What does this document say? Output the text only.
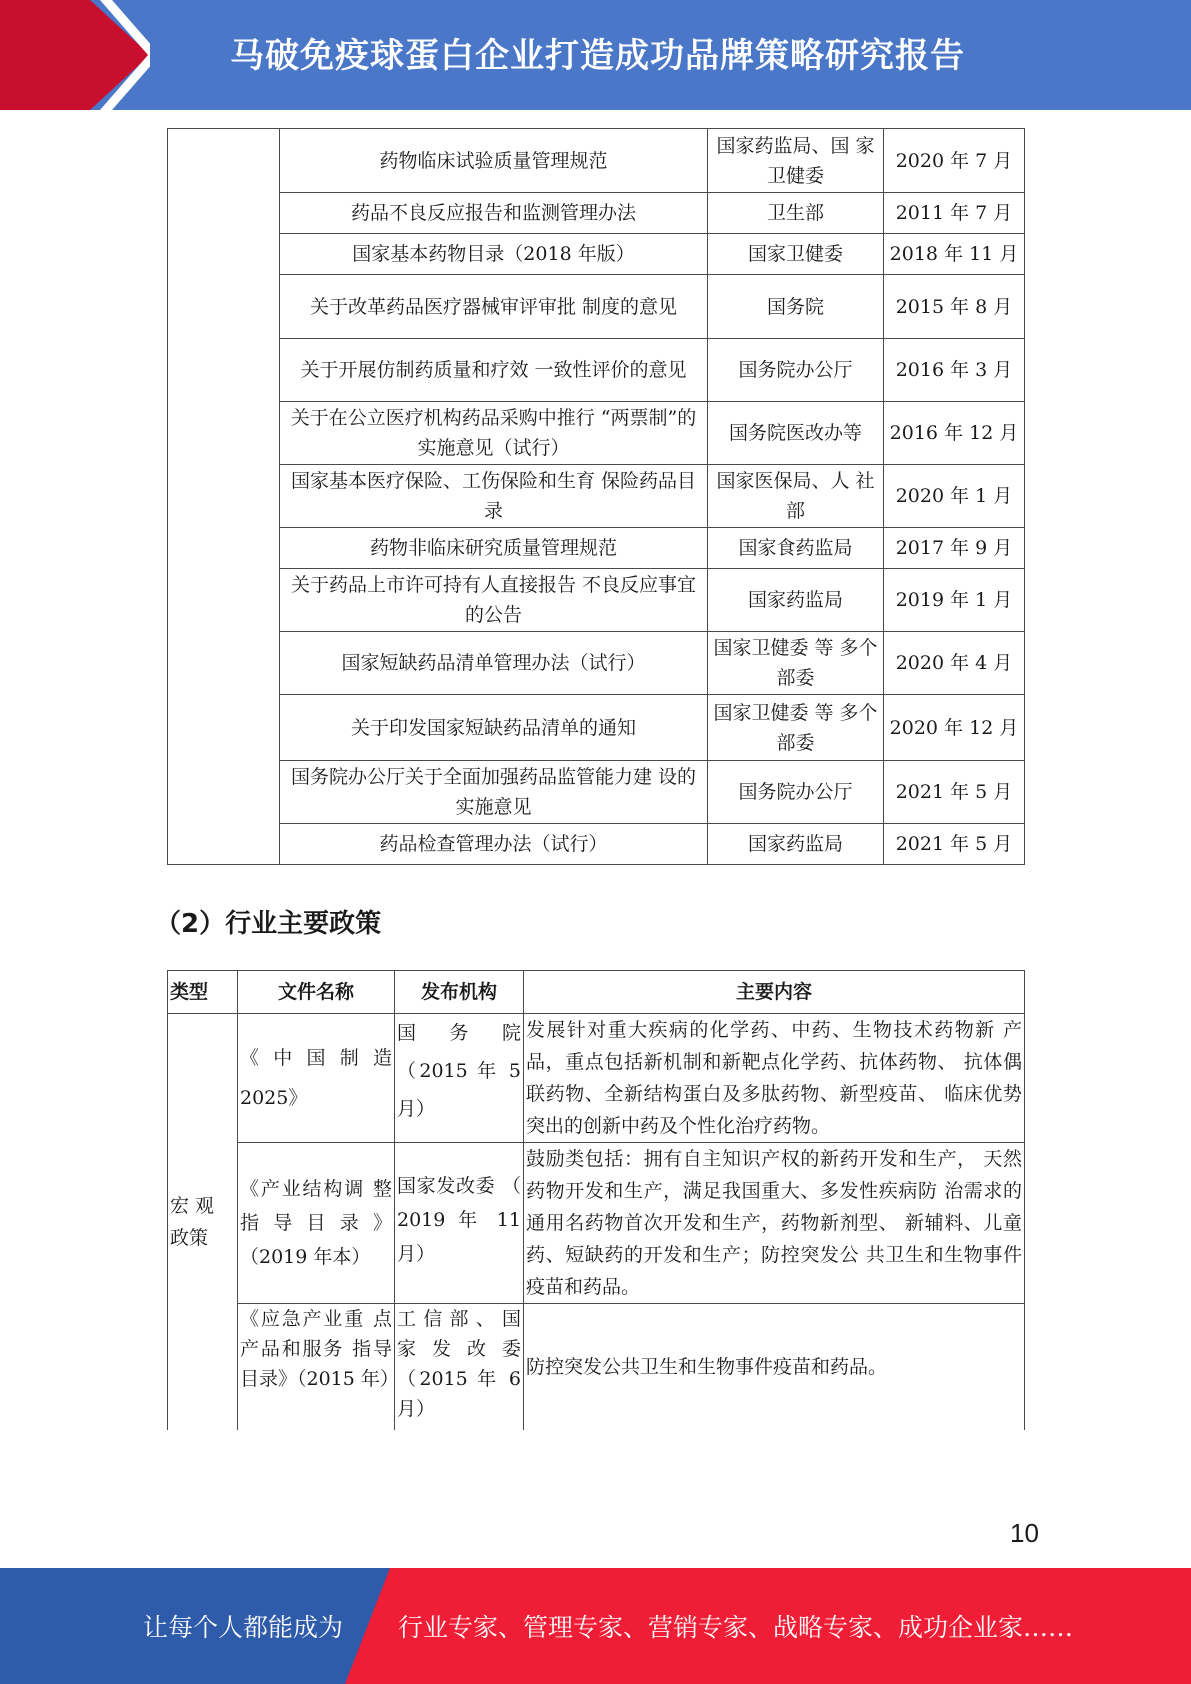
马破免疫球蛋白企业打造成功品牌策略研究报告
	药物临床试验质量管理规范	国家药监局、国 家卫健委	2020 年 7 月
	药品不良反应报告和监测管理办法	卫生部	2011 年 7 月
	国家基本药物目录（2018 年版）	国家卫健委	2018 年 11 月
	关于改革药品医疗器械审评审批 制度的意见	国务院	2015 年 8 月
	关于开展仿制药质量和疗效 一致性评价的意见	国务院办公厅	2016 年 3 月
	关于在公立医疗机构药品采购中推行 “两票制”的实施意见（试行）	国务院医改办等	2016 年 12 月
	国家基本医疗保险、工伤保险和生育 保险药品目录	国家医保局、人 社部	2020 年 1 月
	药物非临床研究质量管理规范	国家食药监局	2017 年 9 月
	关于药品上市许可持有人直接报告 不良反应事宜的公告	国家药监局	2019 年 1 月
	国家短缺药品清单管理办法（试行）	国家卫健委 等 多个部委	2020 年 4 月
	关于印发国家短缺药品清单的通知	国家卫健委 等 多个部委	2020 年 12 月
	国务院办公厅关于全面加强药品监管能力建 设的实施意见	国务院办公厅	2021 年 5 月
	药品检查管理办法（试行）	国家药监局	2021 年 5 月
（2）行业主要政策
类型	文件名称	发布机构	主要内容

宏观政策	《中国制造 2025》	国务院 （2015 年 5 月）	发展针对重大疾病的化学药、中药、生物技术药物新 产品，重点包括新机制和新靶点化学药、抗体药物、 抗体偶联药物、全新结构蛋白及多肽药物、新型疫苗、 临床优势突出的创新中药及个性化治疗药物。
	《产业结构调 整指导目录》（2019 年本）	国家发改委 （ 2019 年 11 月）	鼓励类包括：拥有自主知识产权的新药开发和生产， 天然药物开发和生产，满足我国重大、多发性疾病防 治需求的通用名药物首次开发和生产，药物新剂型、 新辅料、儿童药、短缺药的开发和生产；防控突发公 共卫生和生物事件疫苗和药品。
	《应急产业重 点产品和服务 指导目录》（2015 年）	工 信 部 、 国 家发改委 （2015 年 6 月）	防控突发公共卫生和生物事件疫苗和药品。
10
让每个人都能成为 行业专家、管理专家、营销专家、战略专家、成功企业家……
